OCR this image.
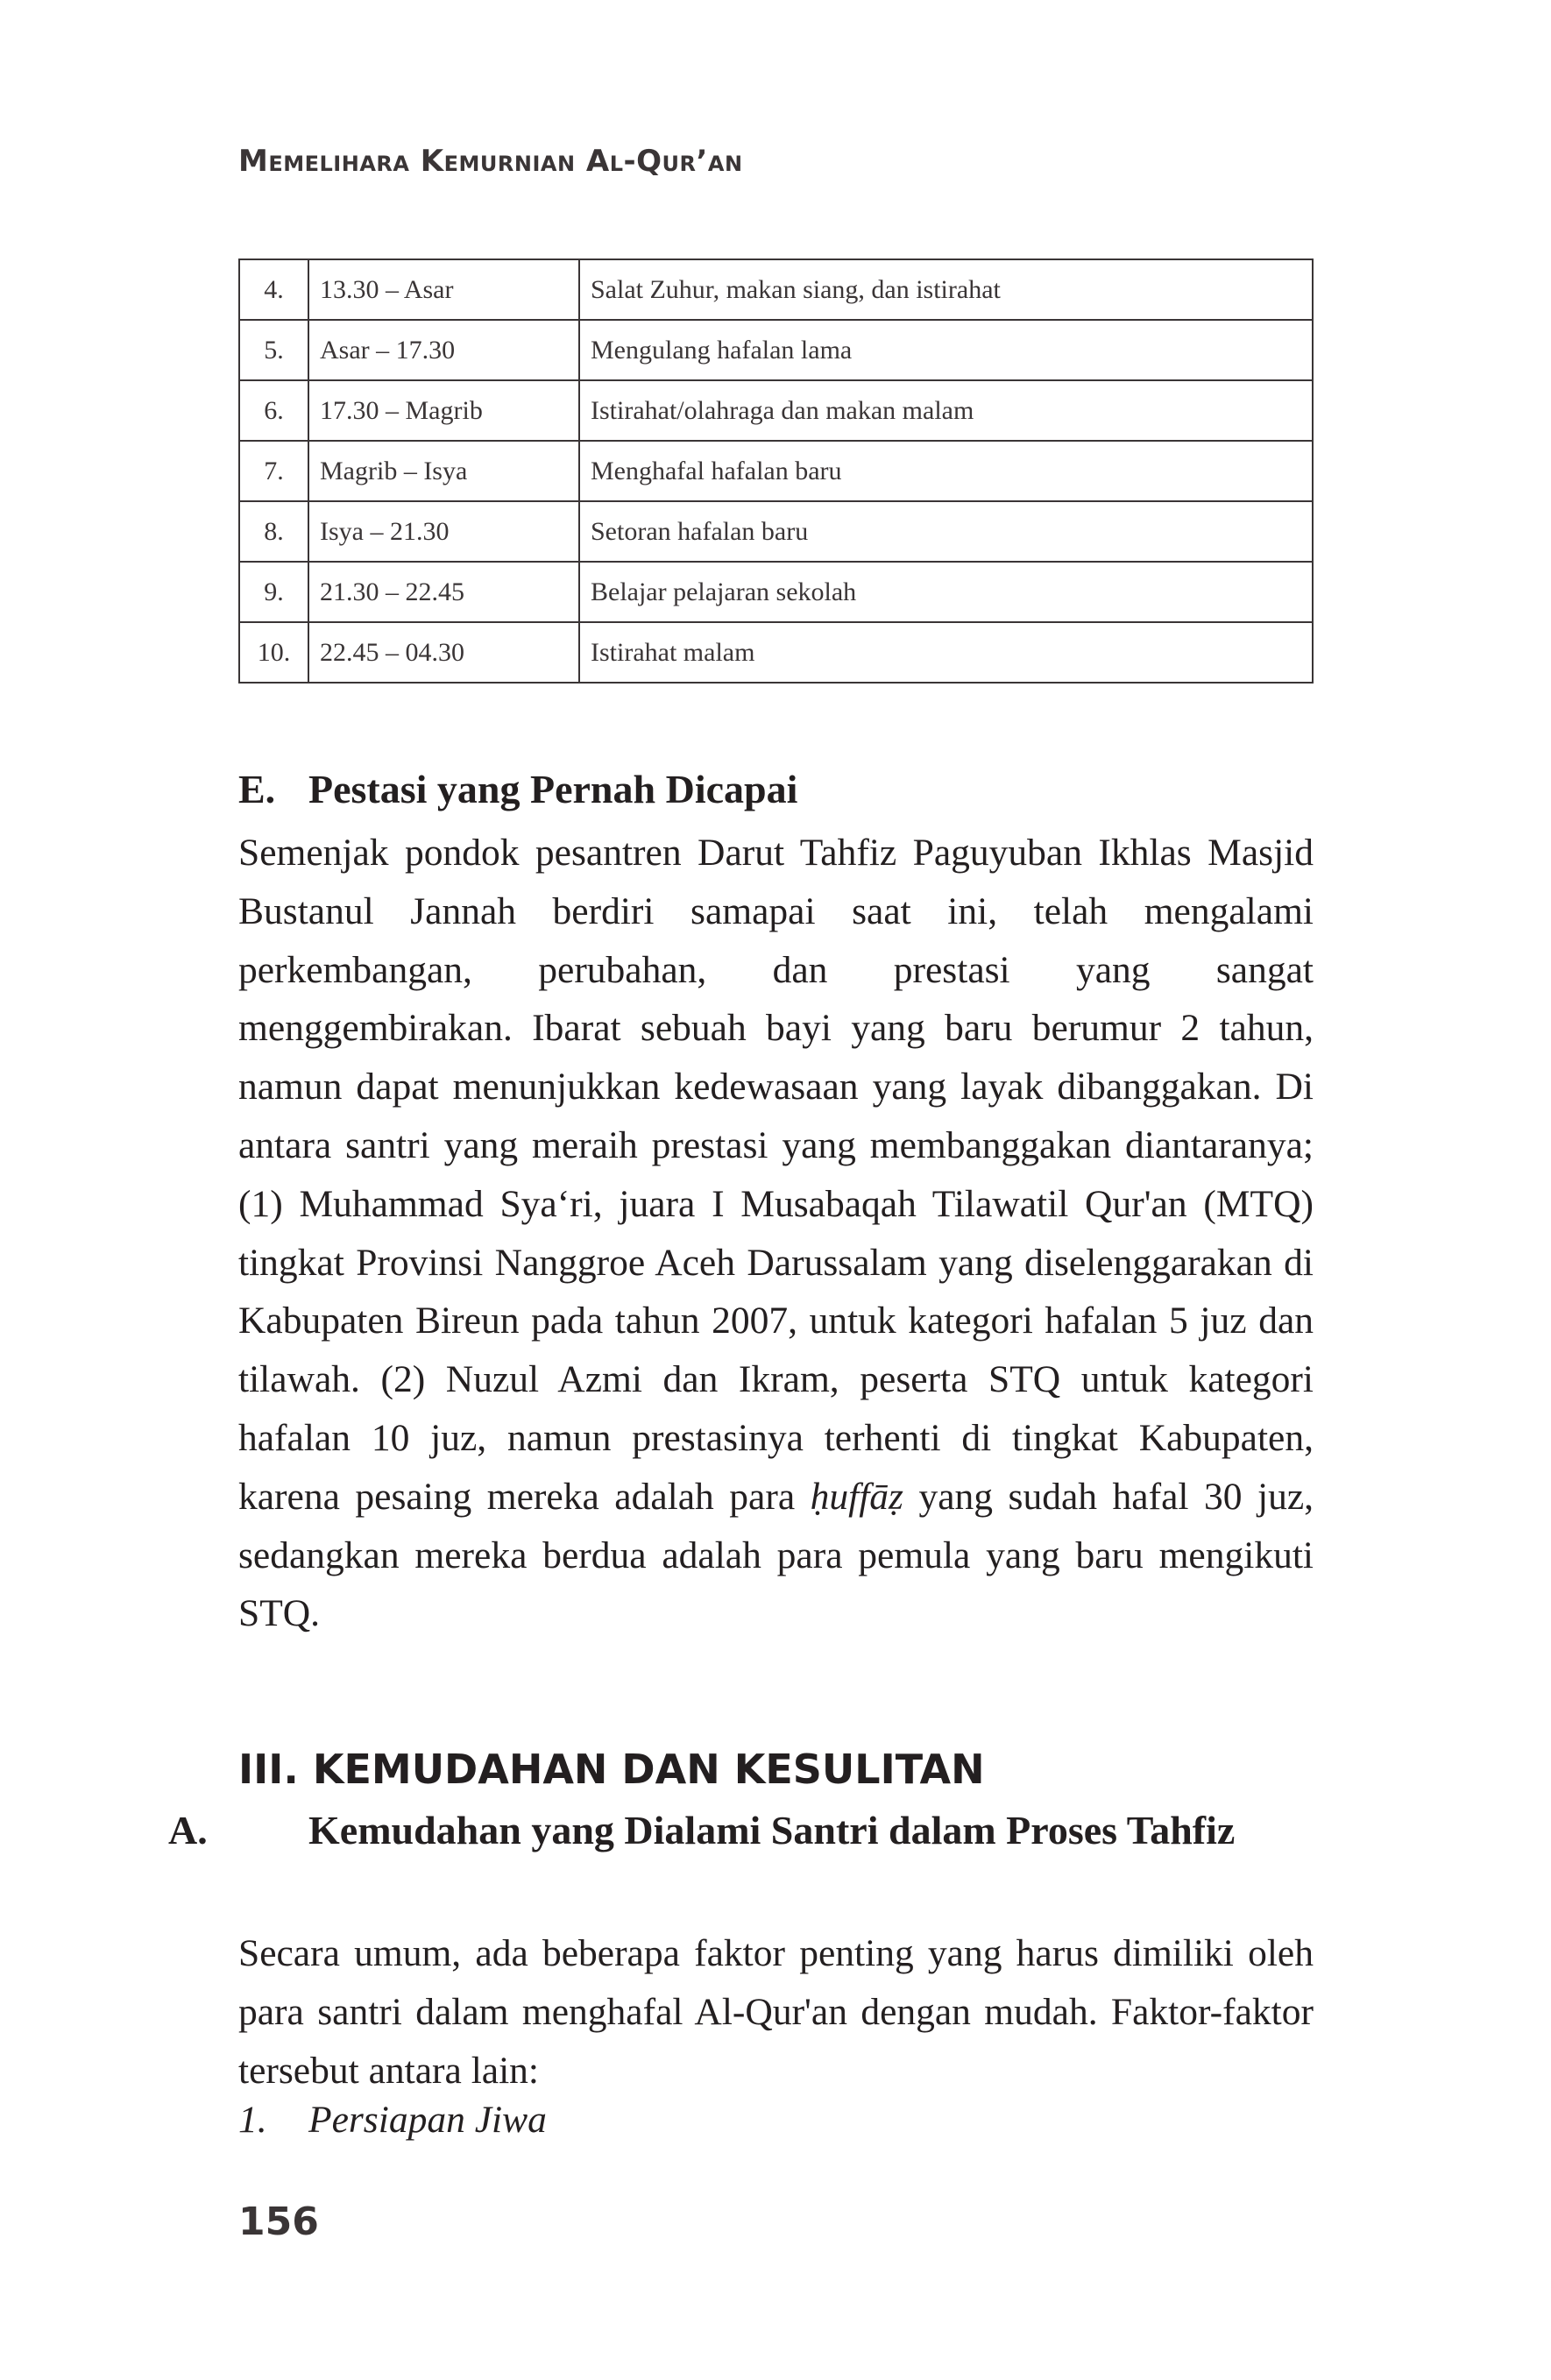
Memelihara Kemurnian Al-Qur’an
4.	13.30 – Asar	Salat Zuhur, makan siang, dan istirahat
5.	Asar – 17.30	Mengulang hafalan lama
6.	17.30 – Magrib	Istirahat/olahraga dan makan malam
7.	Magrib – Isya	Menghafal hafalan baru
8.	Isya – 21.30	Setoran hafalan baru
9.	21.30 – 22.45	Belajar pelajaran sekolah
10.	22.45 – 04.30	Istirahat malam
E. Pestasi yang Pernah Dicapai

Semenjak pondok pesantren Darut Tahfiz Paguyuban Ikhlas Masjid Bustanul Jannah berdiri samapai saat ini, telah mengalami perkembangan, perubahan, dan prestasi yang sangat menggembirakan. Ibarat sebuah bayi yang baru berumur 2 tahun, namun dapat menunjukkan kedewasaan yang layak dibanggakan. Di antara santri yang meraih prestasi yang membanggakan diantaranya; (1) Muhammad Sya‘ri, juara I Musabaqah Tilawatil Qur'an (MTQ) tingkat Provinsi Nanggroe Aceh Darussalam yang diselenggarakan di Kabupaten Bireun pada tahun 2007, untuk kategori hafalan 5 juz dan tilawah. (2) Nuzul Azmi dan Ikram, peserta STQ untuk kategori hafalan 10 juz, namun prestasinya terhenti di tingkat Kabupaten, karena pesaing mereka adalah para ḥuffāẓ yang sudah hafal 30 juz, sedangkan mereka berdua adalah para pemula yang baru mengikuti STQ.

III. KEMUDAHAN DAN KESULITAN
A.	Kemudahan yang Dialami Santri dalam Proses Tahfiz

Secara umum, ada beberapa faktor penting yang harus dimiliki oleh para santri dalam menghafal Al-Qur'an dengan mudah. Faktor-faktor tersebut antara lain:

1. Persiapan Jiwa
156
